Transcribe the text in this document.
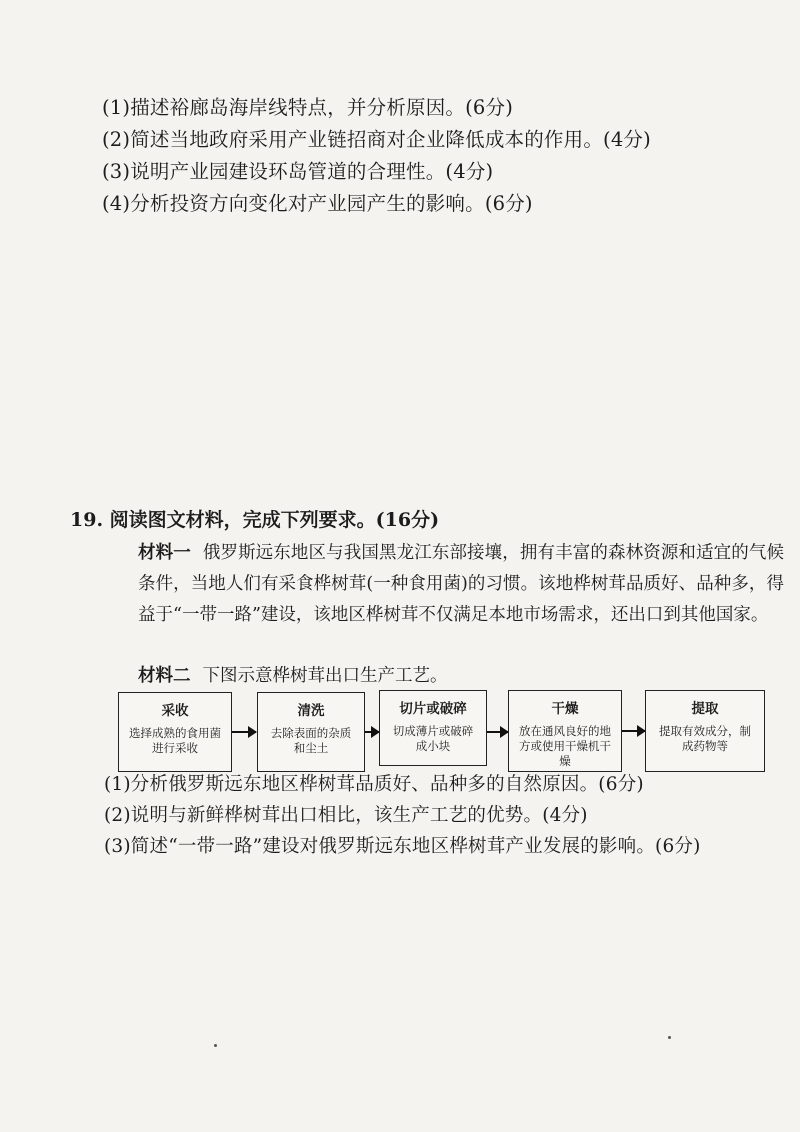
(1)描述裕廊岛海岸线特点，并分析原因。(6分)
(2)简述当地政府采用产业链招商对企业降低成本的作用。(4分)
(3)说明产业园建设环岛管道的合理性。(4分)
(4)分析投资方向变化对产业园产生的影响。(6分)
19. 阅读图文材料，完成下列要求。(16分)
材料一 俄罗斯远东地区与我国黑龙江东部接壤，拥有丰富的森林资源和适宜的气候条件，当地人们有采食桦树茸(一种食用菌)的习惯。该地桦树茸品质好、品种多，得益于“一带一路”建设，该地区桦树茸不仅满足本地市场需求，还出口到其他国家。
材料二 下图示意桦树茸出口生产工艺。
采收
选择成熟的食用菌进行采收
清洗
去除表面的杂质和尘土
切片或破碎
切成薄片或破碎成小块
干燥
放在通风良好的地方或使用干燥机干燥
提取
提取有效成分，制成药物等
(1)分析俄罗斯远东地区桦树茸品质好、品种多的自然原因。(6分)
(2)说明与新鲜桦树茸出口相比，该生产工艺的优势。(4分)
(3)简述“一带一路”建设对俄罗斯远东地区桦树茸产业发展的影响。(6分)
